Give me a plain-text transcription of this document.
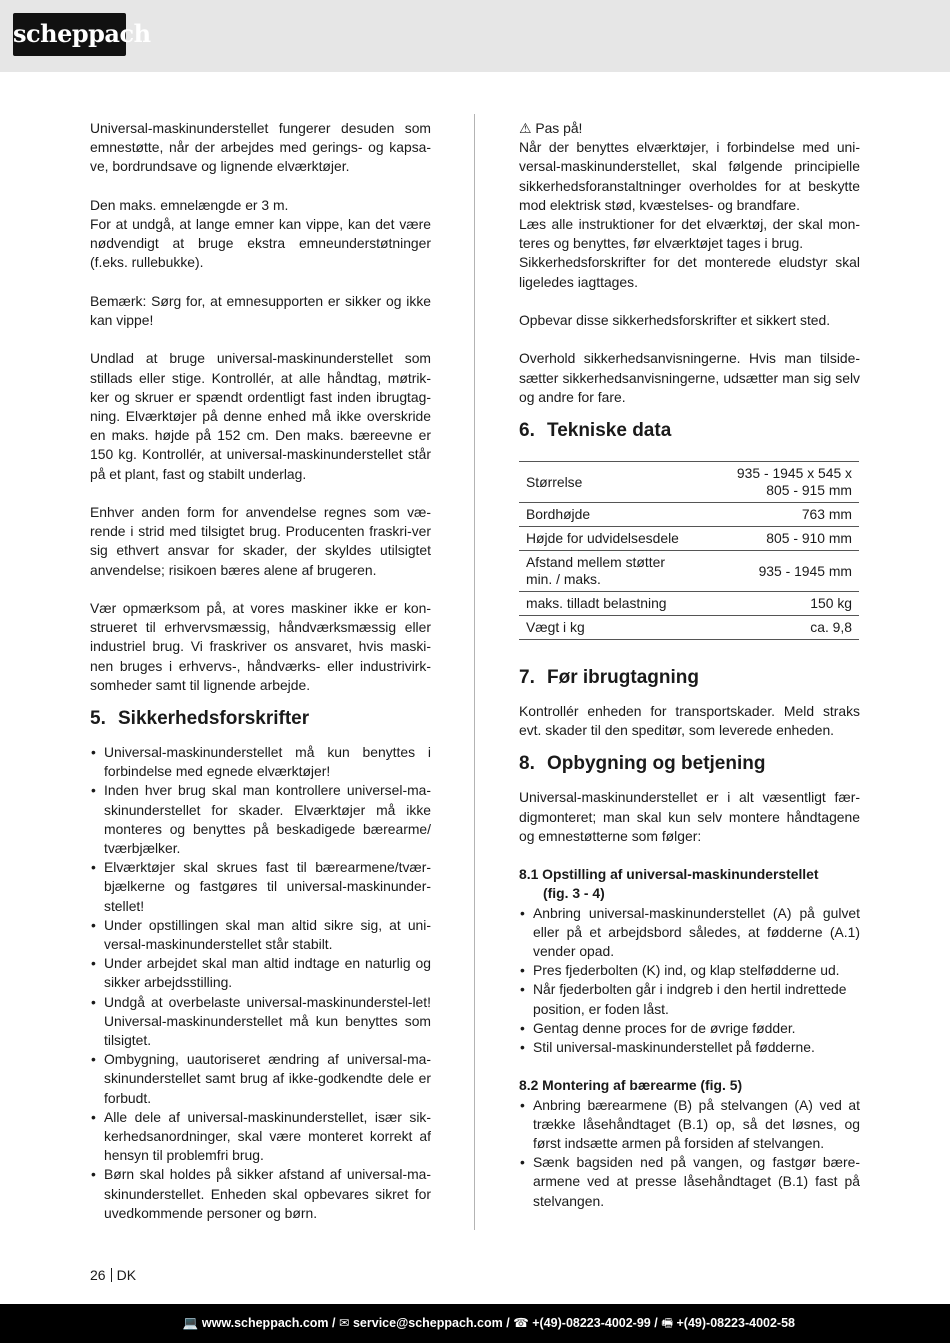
scheppach

Universal-maskinunderstellet fungerer desuden som emnestøtte, når der arbejdes med gerings- og kapsa-ve, bordrundsave og lignende elværktøjer.

Den maks. emnelængde er 3 m.

For at undgå, at lange emner kan vippe, kan det være nødvendigt at bruge ekstra emneunderstøtninger (f.eks. rullebukke).

Bemærk: Sørg for, at emnesupporten er sikker og ikke kan vippe!

Undlad at bruge universal-maskinunderstellet som stillads eller stige. Kontrollér, at alle håndtag, møtrik-ker og skruer er spændt ordentligt fast inden ibrugtag-ning. Elværktøjer på denne enhed må ikke overskride en maks. højde på 152 cm. Den maks. bæreevne er 150 kg. Kontrollér, at universal-maskinunderstellet står på et plant, fast og stabilt underlag.

Enhver anden form for anvendelse regnes som væ-rende i strid med tilsigtet brug. Producenten fraskri-ver sig ethvert ansvar for skader, der skyldes utilsigtet anvendelse; risikoen bæres alene af brugeren.

Vær opmærksom på, at vores maskiner ikke er kon-strueret til erhvervsmæssig, håndværksmæssig eller industriel brug. Vi fraskriver os ansvaret, hvis maski-nen bruges i erhvervs-, håndværks- eller industrivirk-somheder samt til lignende arbejde.

5. Sikkerhedsforskrifter
• Universal-maskinunderstellet må kun benyttes i forbindelse med egnede elværktøjer!
• Inden hver brug skal man kontrollere universel-ma-skinunderstellet for skader. Elværktøjer må ikke monteres og benyttes på beskadigede bærearme/ tværbjælker.
• Elværktøjer skal skrues fast til bærearmene/tvær-bjælkerne og fastgøres til universal-maskinunder-stellet!
• Under opstillingen skal man altid sikre sig, at uni-versal-maskinunderstellet står stabilt.
• Under arbejdet skal man altid indtage en naturlig og sikker arbejdsstilling.
• Undgå at overbelaste universal-maskinunderstel-let! Universal-maskinunderstellet må kun benyttes som tilsigtet.
• Ombygning, uautoriseret ændring af universal-ma-skinunderstellet samt brug af ikke-godkendte dele er forbudt.
• Alle dele af universal-maskinunderstellet, især sik-kerhedsanordninger, skal være monteret korrekt af hensyn til problemfri brug.
• Børn skal holdes på sikker afstand af universal-ma-skinunderstellet. Enheden skal opbevares sikret for uvedkommende personer og børn.

⚠ Pas på!

Når der benyttes elværktøjer, i forbindelse med uni-versal-maskinunderstellet, skal følgende principielle sikkerhedsforanstaltninger overholdes for at beskytte mod elektrisk stød, kvæstelses- og brandfare.

Læs alle instruktioner for det elværktøj, der skal mon-teres og benyttes, før elværktøjet tages i brug.

Sikkerhedsforskrifter for det monterede eludstyr skal ligeledes iagttages.

Opbevar disse sikkerhedsforskrifter et sikkert sted.

Overhold sikkerhedsanvisningerne. Hvis man tilside-sætter sikkerhedsanvisningerne, udsætter man sig selv og andre for fare.

6. Tekniske data
Størrelse	935 - 1945 x 545 x
805 - 915 mm
Bordhøjde	763 mm
Højde for udvidelsesdele	805 - 910 mm
Afstand mellem støtter
min. / maks.	935 - 1945 mm
maks. tilladt belastning	150 kg
Vægt i kg	ca. 9,8
7. Før ibrugtagning

Kontrollér enheden for transportskader. Meld straks evt. skader til den speditør, som leverede enheden.

8. Opbygning og betjening

Universal-maskinunderstellet er i alt væsentligt fær-digmonteret; man skal kun selv montere håndtagene og emnestøtterne som følger:

8.1 Opstilling af universal-maskinunderstellet
(fig. 3 - 4)
• Anbring universal-maskinunderstellet (A) på gulvet eller på et arbejdsbord således, at fødderne (A.1) vender opad.
• Pres fjederbolten (K) ind, og klap stelfødderne ud.
• Når fjederbolten går i indgreb i den hertil indrettede position, er foden låst.
• Gentag denne proces for de øvrige fødder.
• Stil universal-maskinunderstellet på fødderne.
8.2 Montering af bærearme (fig. 5)
• Anbring bærearmene (B) på stelvangen (A) ved at trække låsehåndtaget (B.1) op, så det løsnes, og først indsætte armen på forsiden af stelvangen.
• Sænk bagsiden ned på vangen, og fastgør bære-armene ved at presse låsehåndtaget (B.1) fast på stelvangen.
26 DK
💻 www.scheppach.com / ✉ service@scheppach.com / ☎ +(49)-08223-4002-99 / 🖷 +(49)-08223-4002-58
